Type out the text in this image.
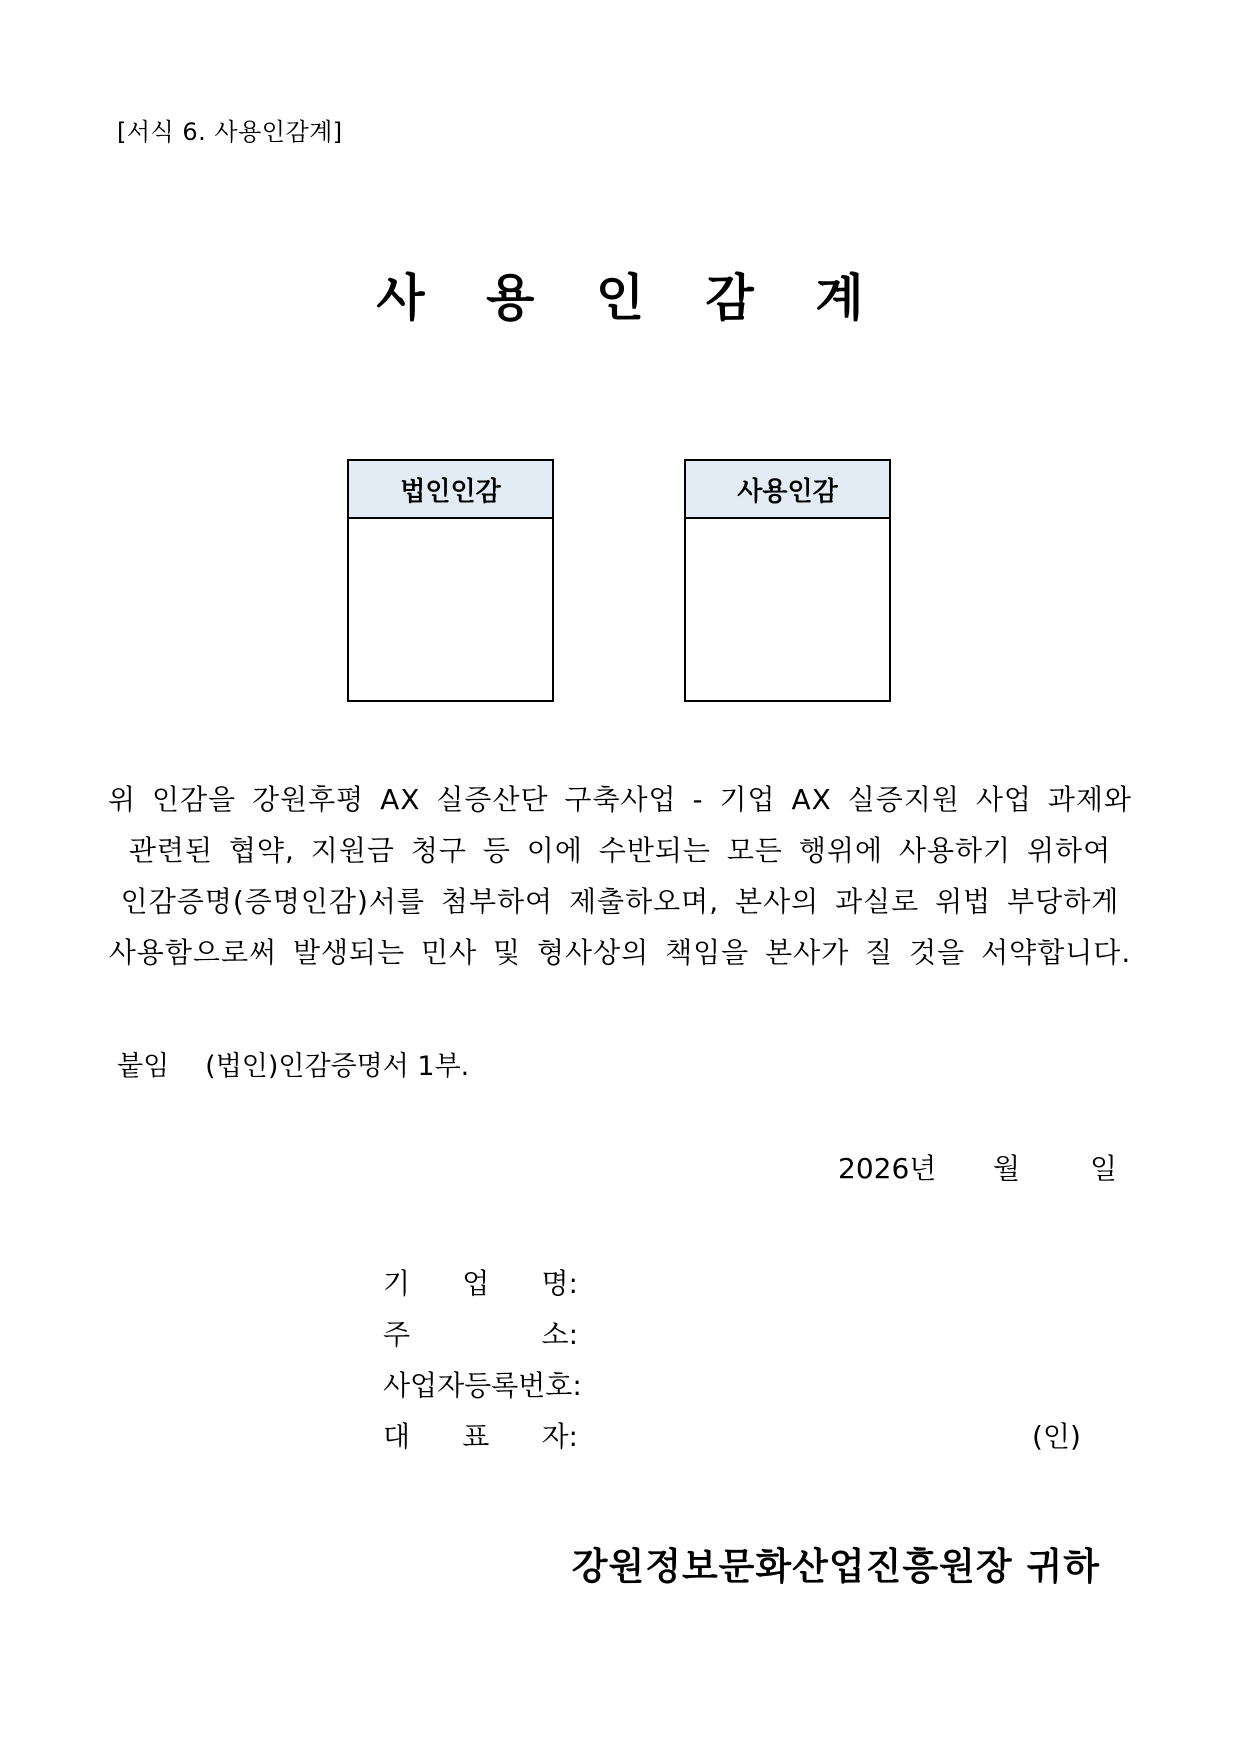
[서식 6. 사용인감계]
사 용 인 감 계
법인인감	사용인감
위 인감을 강원후평 AX 실증산단 구축사업 - 기업 AX 실증지원 사업 과제와
관련된 협약, 지원금 청구 등 이에 수반되는 모든 행위에 사용하기 위하여
인감증명(증명인감)서를 첨부하여 제출하오며, 본사의 과실로 위법 부당하게
사용함으로써 발생되는 민사 및 형사상의 책임을 본사가 질 것을 서약합니다.
붙임 (법인)인감증명서 1부.
2026년 월 일
기 업 명:
주	소:
사업자등록번호:
대 표 자:	(인)
강원정보문화산업진흥원장 귀하
